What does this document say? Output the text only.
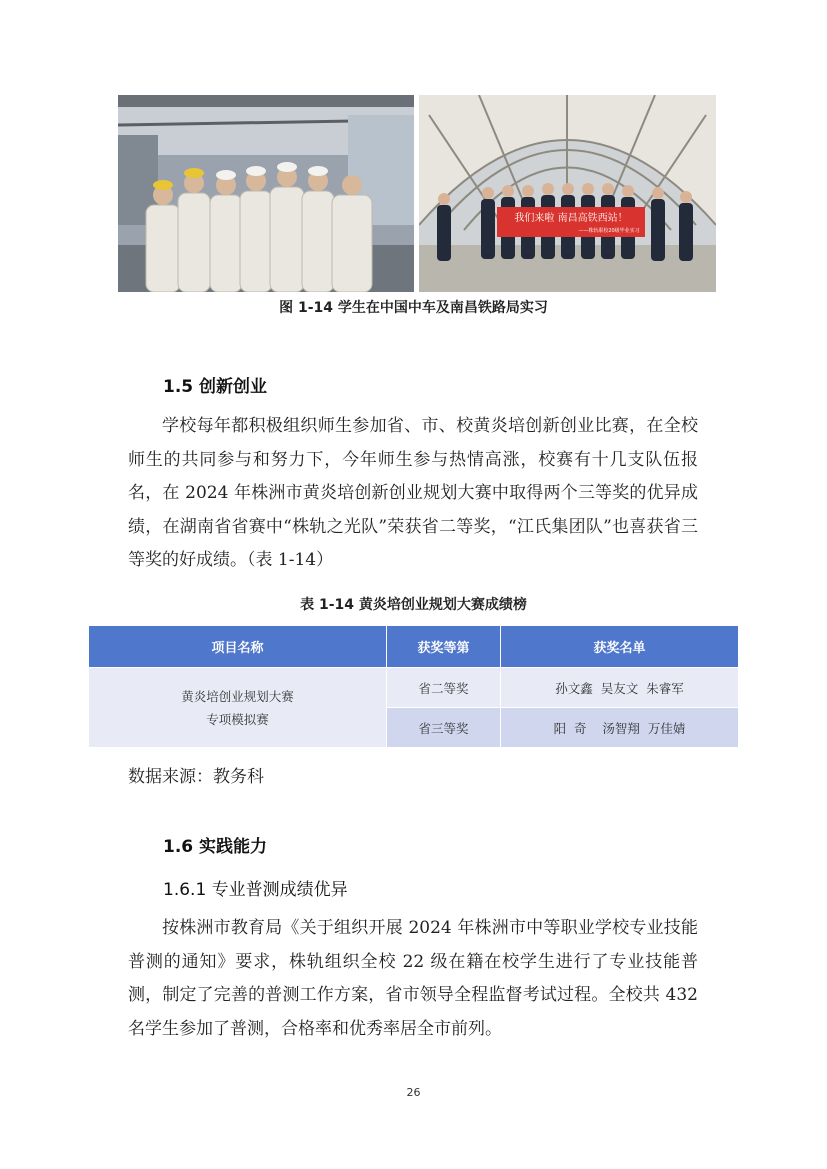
我们来啦 南昌高铁西站！
——株轨职校20级毕业实习
图 1-14 学生在中国中车及南昌铁路局实习
1.5 创新创业

学校每年都积极组织师生参加省、市、校黄炎培创新创业比赛，在全校师生的共同参与和努力下，今年师生参与热情高涨，校赛有十几支队伍报名，在 2024 年株洲市黄炎培创新创业规划大赛中取得两个三等奖的优异成绩，在湖南省省赛中“株轨之光队”荣获省二等奖，“江氏集团队”也喜获省三等奖的好成绩。（表 1-14）

表 1-14 黄炎培创业规划大赛成绩榜
项目名称	获奖等第	获奖名单

黄炎培创业规划大赛
专项模拟赛	省二等奖	孙文鑫  吴友文  朱睿军
	省三等奖	阳  奇    汤智翔  万佳婧
数据来源：教务科
1.6 实践能力
1.6.1 专业普测成绩优异

按株洲市教育局《关于组织开展 2024 年株洲市中等职业学校专业技能普测的通知》要求，株轨组织全校 22 级在籍在校学生进行了专业技能普测，制定了完善的普测工作方案，省市领导全程监督考试过程。全校共 432 名学生参加了普测，合格率和优秀率居全市前列。

26
